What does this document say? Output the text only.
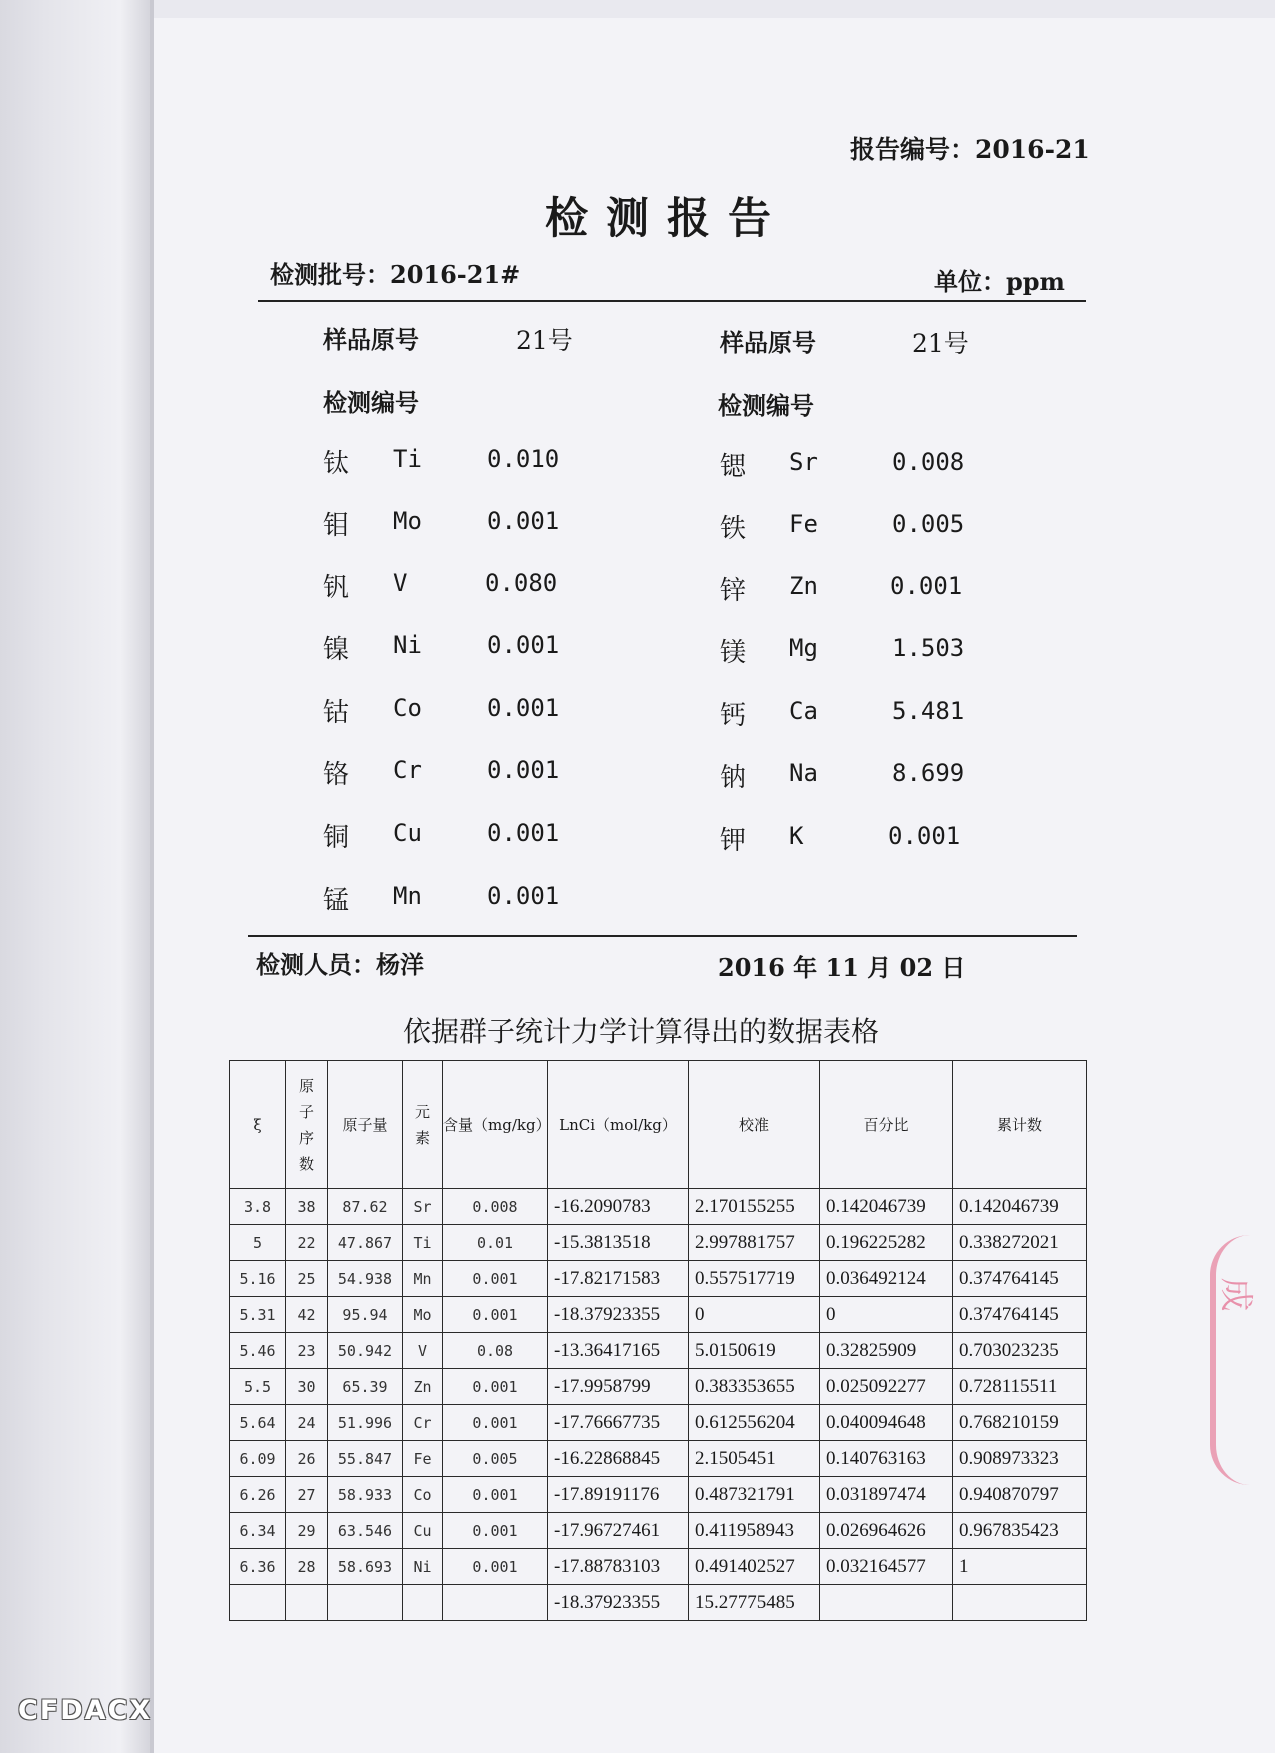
报告编号：2016-21
检测报告
检测批号：2016-21#	单位：ppm
样品原号	21号	样品原号	21号
检测编号	检测编号
钛 Ti	0.010
钼 Mo	0.001
钒 V	0.080
镍 Ni	0.001
钴 Co	0.001
铬 Cr	0.001
铜 Cu	0.001
锰 Mn	0.001
锶 Sr	0.008
铁 Fe	0.005
锌 Zn	0.001
镁 Mg	1.503
钙 Ca	5.481
钠 Na	8.699
钾 K	0.001
检测人员：杨洋	2016 年 11 月 02 日
依据群子统计力学计算得出的数据表格
ξ	原子序数	原子量	元素	含量（mg/kg）	LnCi（mol/kg）	校准	百分比	累计数
3.8	38	87.62	Sr	0.008	-16.2090783	2.170155255	0.142046739	0.142046739
5	22	47.867	Ti	0.01	-15.3813518	2.997881757	0.196225282	0.338272021
5.16	25	54.938	Mn	0.001	-17.82171583	0.557517719	0.036492124	0.374764145
5.31	42	95.94	Mo	0.001	-18.37923355	0	0	0.374764145
5.46	23	50.942	V	0.08	-13.36417165	5.0150619	0.32825909	0.703023235
5.5	30	65.39	Zn	0.001	-17.9958799	0.383353655	0.025092277	0.728115511
5.64	24	51.996	Cr	0.001	-17.76667735	0.612556204	0.040094648	0.768210159
6.09	26	55.847	Fe	0.005	-16.22868845	2.1505451	0.140763163	0.908973323
6.26	27	58.933	Co	0.001	-17.89191176	0.487321791	0.031897474	0.940870797
6.34	29	63.546	Cu	0.001	-17.96727461	0.411958943	0.026964626	0.967835423
6.36	28	58.693	Ni	0.001	-17.88783103	0.491402527	0.032164577	1
					-18.37923355	15.27775485		
成
CFDACX
